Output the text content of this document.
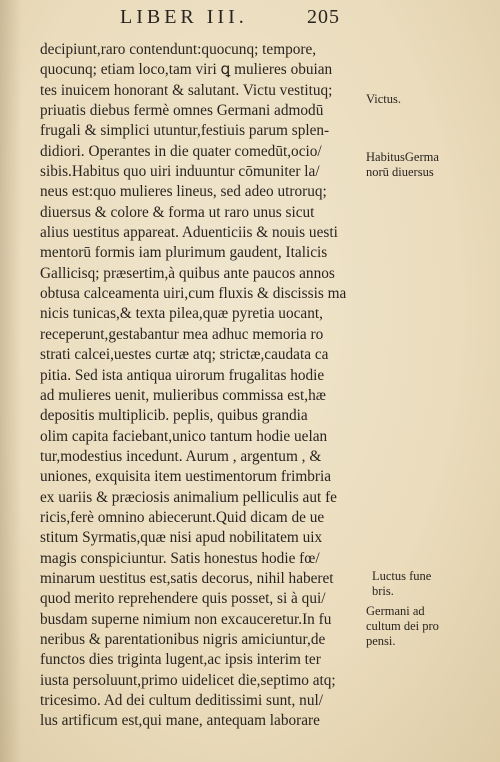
LIBER III.	205
decipiunt,raro contendunt:quocunq; tempore,
quocunq; etiam loco,tam viri ꝗ mulieres obuian
tes inuicem honorant & salutant. Victu vestituq;
priuatis diebus fermè omnes Germani admodū
frugali & simplici utuntur,festiuis parum splen-
didiori. Operantes in die quater comedūt,ocio/
sibis.Habitus quo uiri induuntur cōmuniter la/
neus est:quo mulieres lineus, sed adeo utroruq;
diuersus & colore & forma ut raro unus sicut
alius uestitus appareat. Aduenticiis & nouis uesti
mentorū formis iam plurimum gaudent, Italicis
Gallicisq; præsertim,à quibus ante paucos annos
obtusa calceamenta uiri,cum fluxis & discissis ma
nicis tunicas,& texta pilea,quæ pyretia uocant,
receperunt,gestabantur mea adhuc memoria ro
strati calcei,uestes curtæ atq; strictæ,caudata ca
pitia. Sed ista antiqua uirorum frugalitas hodie
ad mulieres uenit, mulieribus commissa est,hæ
depositis multiplicib. peplis, quibus grandia
olim capita faciebant,unico tantum hodie uelan
tur,modestius incedunt. Aurum , argentum , &
uniones, exquisita item uestimentorum frimbria
ex uariis & præciosis animalium pelliculis aut fe
ricis,ferè omnino abiecerunt.Quid dicam de ue
stitum Syrmatis,quæ nisi apud nobilitatem uix
magis conspiciuntur. Satis honestus hodie fœ/
minarum uestitus est,satis decorus, nihil haberet
quod merito reprehendere quis posset, si à qui/
busdam superne nimium non excauceretur.In fu
neribus & parentationibus nigris amiciuntur,de
functos dies triginta lugent,ac ipsis interim ter
iusta persoluunt,primo uidelicet die,septimo atq;
tricesimo. Ad dei cultum deditissimi sunt, nul/
lus artificum est,qui mane, antequam laborare
Victus.
HabitusGerma
norū diuersus
Luctus fune
bris.
Germani ad
cultum dei pro
pensi.
